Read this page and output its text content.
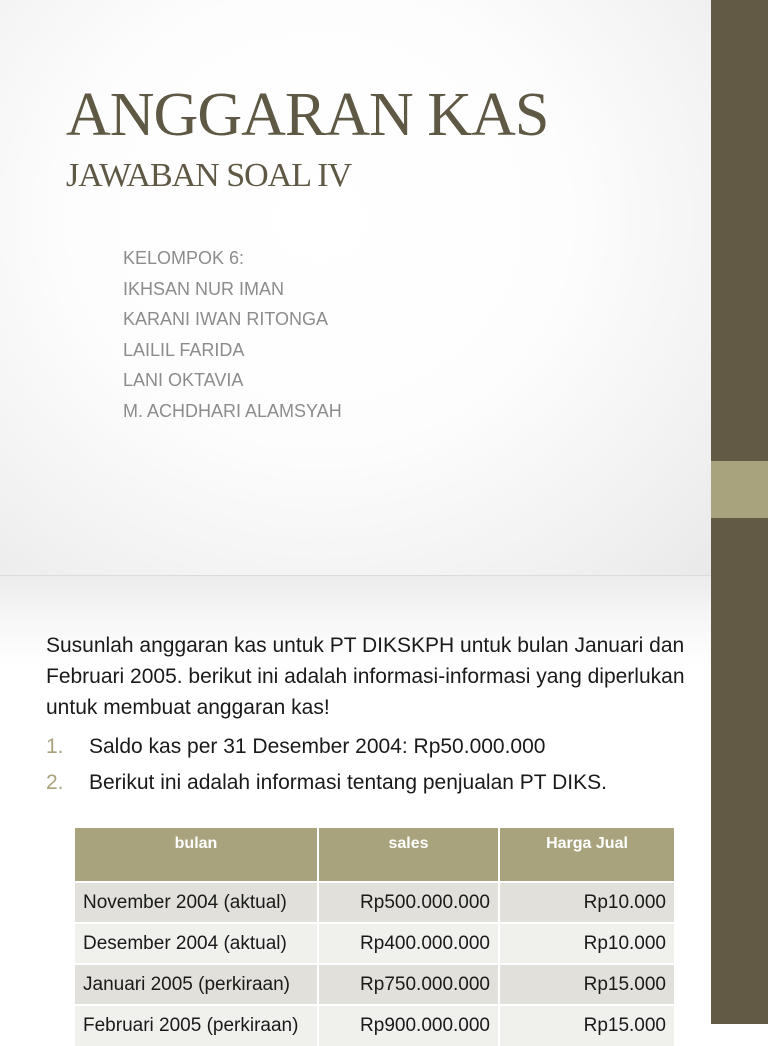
ANGGARAN KAS
JAWABAN SOAL IV
KELOMPOK 6:
IKHSAN NUR IMAN
KARANI IWAN RITONGA
LAILIL FARIDA
LANI OKTAVIA
M. ACHDHARI ALAMSYAH

Susunlah anggaran kas untuk PT DIKSKPH untuk bulan Januari dan Februari 2005. berikut ini adalah informasi-informasi yang diperlukan untuk membuat anggaran kas!

1. Saldo kas per 31 Desember 2004: Rp50.000.000
2. Berikut ini adalah informasi tentang penjualan PT DIKS.
bulan	sales	Harga Jual
November 2004 (aktual)	Rp500.000.000	Rp10.000
Desember 2004 (aktual)	Rp400.000.000	Rp10.000
Januari 2005 (perkiraan)	Rp750.000.000	Rp15.000
Februari 2005 (perkiraan)	Rp900.000.000	Rp15.000
